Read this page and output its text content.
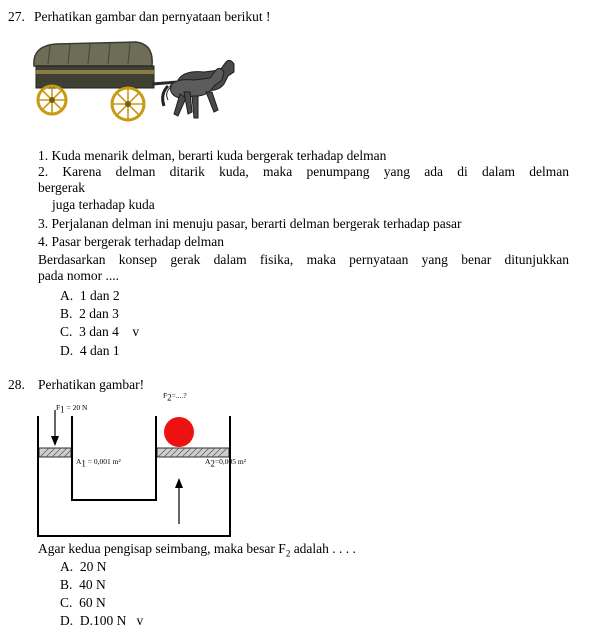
27. Perhatikan gambar dan pernyataan berikut !
1. Kuda menarik delman, berarti kuda bergerak terhadap delman
2. Karena delman ditarik kuda, maka penumpang yang ada di dalam delman
bergerak
juga terhadap kuda
3. Perjalanan delman ini menuju pasar, berarti delman bergerak terhadap pasar
4. Pasar bergerak terhadap delman
Berdasarkan konsep gerak dalam fisika, maka pernyataan yang benar ditunjukkan
pada nomor ....
A. 1 dan 2
B. 2 dan 3
C. 3 dan 4 v
D. 4 dan 1
28. Perhatikan gambar!
$F_1 = 20$ N
$F_2=$....?
$A_1 = 0,001$ m²	$A_2=0,005$ m²
Agar kedua pengisap seimbang, maka besar $F_2$ adalah . . . .
A. 20 N
B. 40 N
C. 60 N
D. D.100 N v
